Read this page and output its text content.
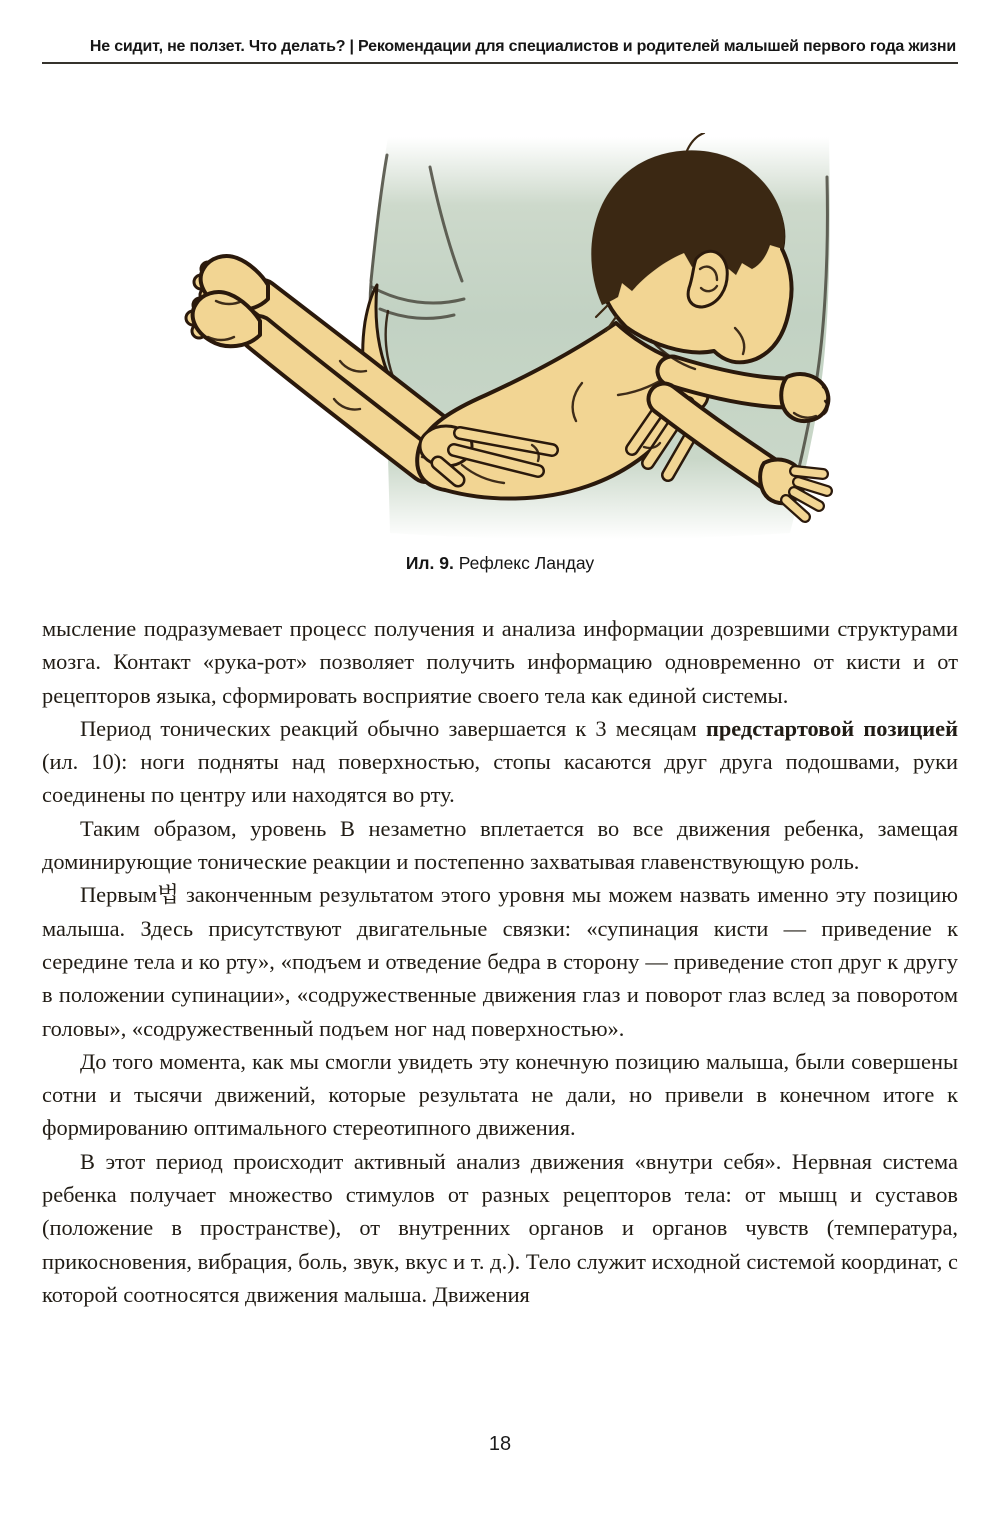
Не сидит, не ползет. Что делать? | Рекомендации для специалистов и родителей малышей первого года жизни
Ил. 9. Рефлекс Ландау

мысление подразумевает процесс получения и анализа информации дозревшими структурами мозга. Контакт «рука-рот» позволяет получить информацию одновременно от кисти и от рецепторов языка, сформировать восприятие своего тела как единой системы.

Период тонических реакций обычно завершается к 3 месяцам предстартовой позицией (ил. 10): ноги подняты над поверхностью, стопы касаются друг друга подошвами, руки соединены по центру или находятся во рту.

Таким образом, уровень В незаметно вплетается во все движения ребенка, замещая доминирующие тонические реакции и постепенно захватывая главенствующую роль.

Первым법 законченным результатом этого уровня мы можем назвать именно эту позицию малыша. Здесь присутствуют двигательные связки: «супинация кисти — приведение к середине тела и ко рту», «подъем и отведение бедра в сторону — приведение стоп друг к другу в положении супинации», «содружественные движения глаз и поворот глаз вслед за поворотом головы», «содружественный подъем ног над поверхностью».

До того момента, как мы смогли увидеть эту конечную позицию малыша, были совершены сотни и тысячи движений, которые результата не дали, но привели в конечном итоге к формированию оптимального стереотипного движения.

В этот период происходит активный анализ движения «внутри себя». Нервная система ребенка получает множество стимулов от разных рецепторов тела: от мышц и суставов (положение в пространстве), от внутренних органов и органов чувств (температура, прикосновения, вибрация, боль, звук, вкус и т. д.). Тело служит исходной системой координат, с которой соотносятся движения малыша. Движения

18
